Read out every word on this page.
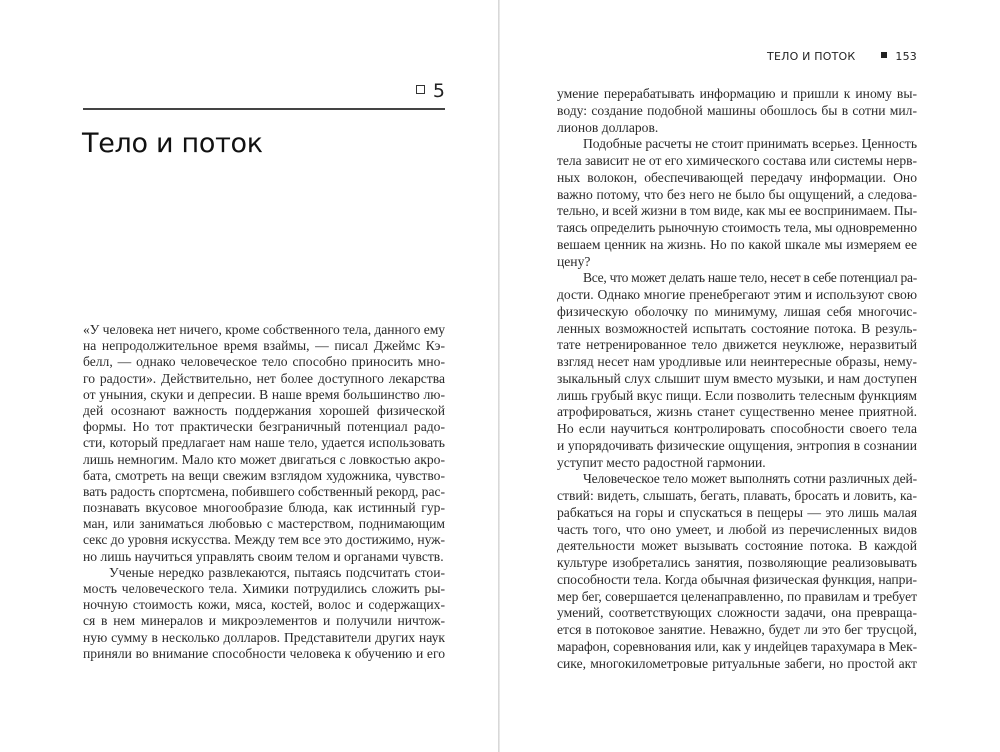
5
Тело и поток
ТЕЛО И ПОТОК	153
«У человека нет ничего, кроме собственного тела, данного ему
на непродолжительное время взаймы, — писал Джеймс Кэ-
белл, — однако человеческое тело способно приносить мно-
го радости». Действительно, нет более доступного лекарства
от уныния, скуки и депресии. В наше время большинство лю-
дей осознают важность поддержания хорошей физической
формы. Но тот практически безграничный потенциал радо-
сти, который предлагает нам наше тело, удается использовать
лишь немногим. Мало кто может двигаться с ловкостью акро-
бата, смотреть на вещи свежим взглядом художника, чувство-
вать радость спортсмена, побившего собственный рекорд, рас-
познавать вкусовое многообразие блюда, как истинный гур-
ман, или заниматься любовью с мастерством, поднимающим
секс до уровня искусства. Между тем все это достижимо, нуж-
но лишь научиться управлять своим телом и органами чувств.
Ученые нередко развлекаются, пытаясь подсчитать стои-
мость человеческого тела. Химики потрудились сложить ры-
ночную стоимость кожи, мяса, костей, волос и содержащих-
ся в нем минералов и микроэлементов и получили ничтож-
ную сумму в несколько долларов. Представители других наук
приняли во внимание способности человека к обучению и его
умение перерабатывать информацию и пришли к иному вы-
воду: создание подобной машины обошлось бы в сотни мил-
лионов долларов.
Подобные расчеты не стоит принимать всерьез. Ценность
тела зависит не от его химического состава или системы нерв-
ных волокон, обеспечивающей передачу информации. Оно
важно потому, что без него не было бы ощущений, а следова-
тельно, и всей жизни в том виде, как мы ее воспринимаем. Пы-
таясь определить рыночную стоимость тела, мы одновременно
вешаем ценник на жизнь. Но по какой шкале мы измеряем ее
цену?
Все, что может делать наше тело, несет в себе потенциал ра-
дости. Однако многие пренебрегают этим и используют свою
физическую оболочку по минимуму, лишая себя многочис-
ленных возможностей испытать состояние потока. В резуль-
тате нетренированное тело движется неуклюже, неразвитый
взгляд несет нам уродливые или неинтересные образы, нему-
зыкальный слух слышит шум вместо музыки, и нам доступен
лишь грубый вкус пищи. Если позволить телесным функциям
атрофироваться, жизнь станет существенно менее приятной.
Но если научиться контролировать способности своего тела
и упорядочивать физические ощущения, энтропия в сознании
уступит место радостной гармонии.
Человеческое тело может выполнять сотни различных дей-
ствий: видеть, слышать, бегать, плавать, бросать и ловить, ка-
рабкаться на горы и спускаться в пещеры — это лишь малая
часть того, что оно умеет, и любой из перечисленных видов
деятельности может вызывать состояние потока. В каждой
культуре изобретались занятия, позволяющие реализовывать
способности тела. Когда обычная физическая функция, напри-
мер бег, совершается целенаправленно, по правилам и требует
умений, соответствующих сложности задачи, она превраща-
ется в потоковое занятие. Неважно, будет ли это бег трусцой,
марафон, соревнования или, как у индейцев тарахумара в Мек-
сике, многокилометровые ритуальные забеги, но простой акт
